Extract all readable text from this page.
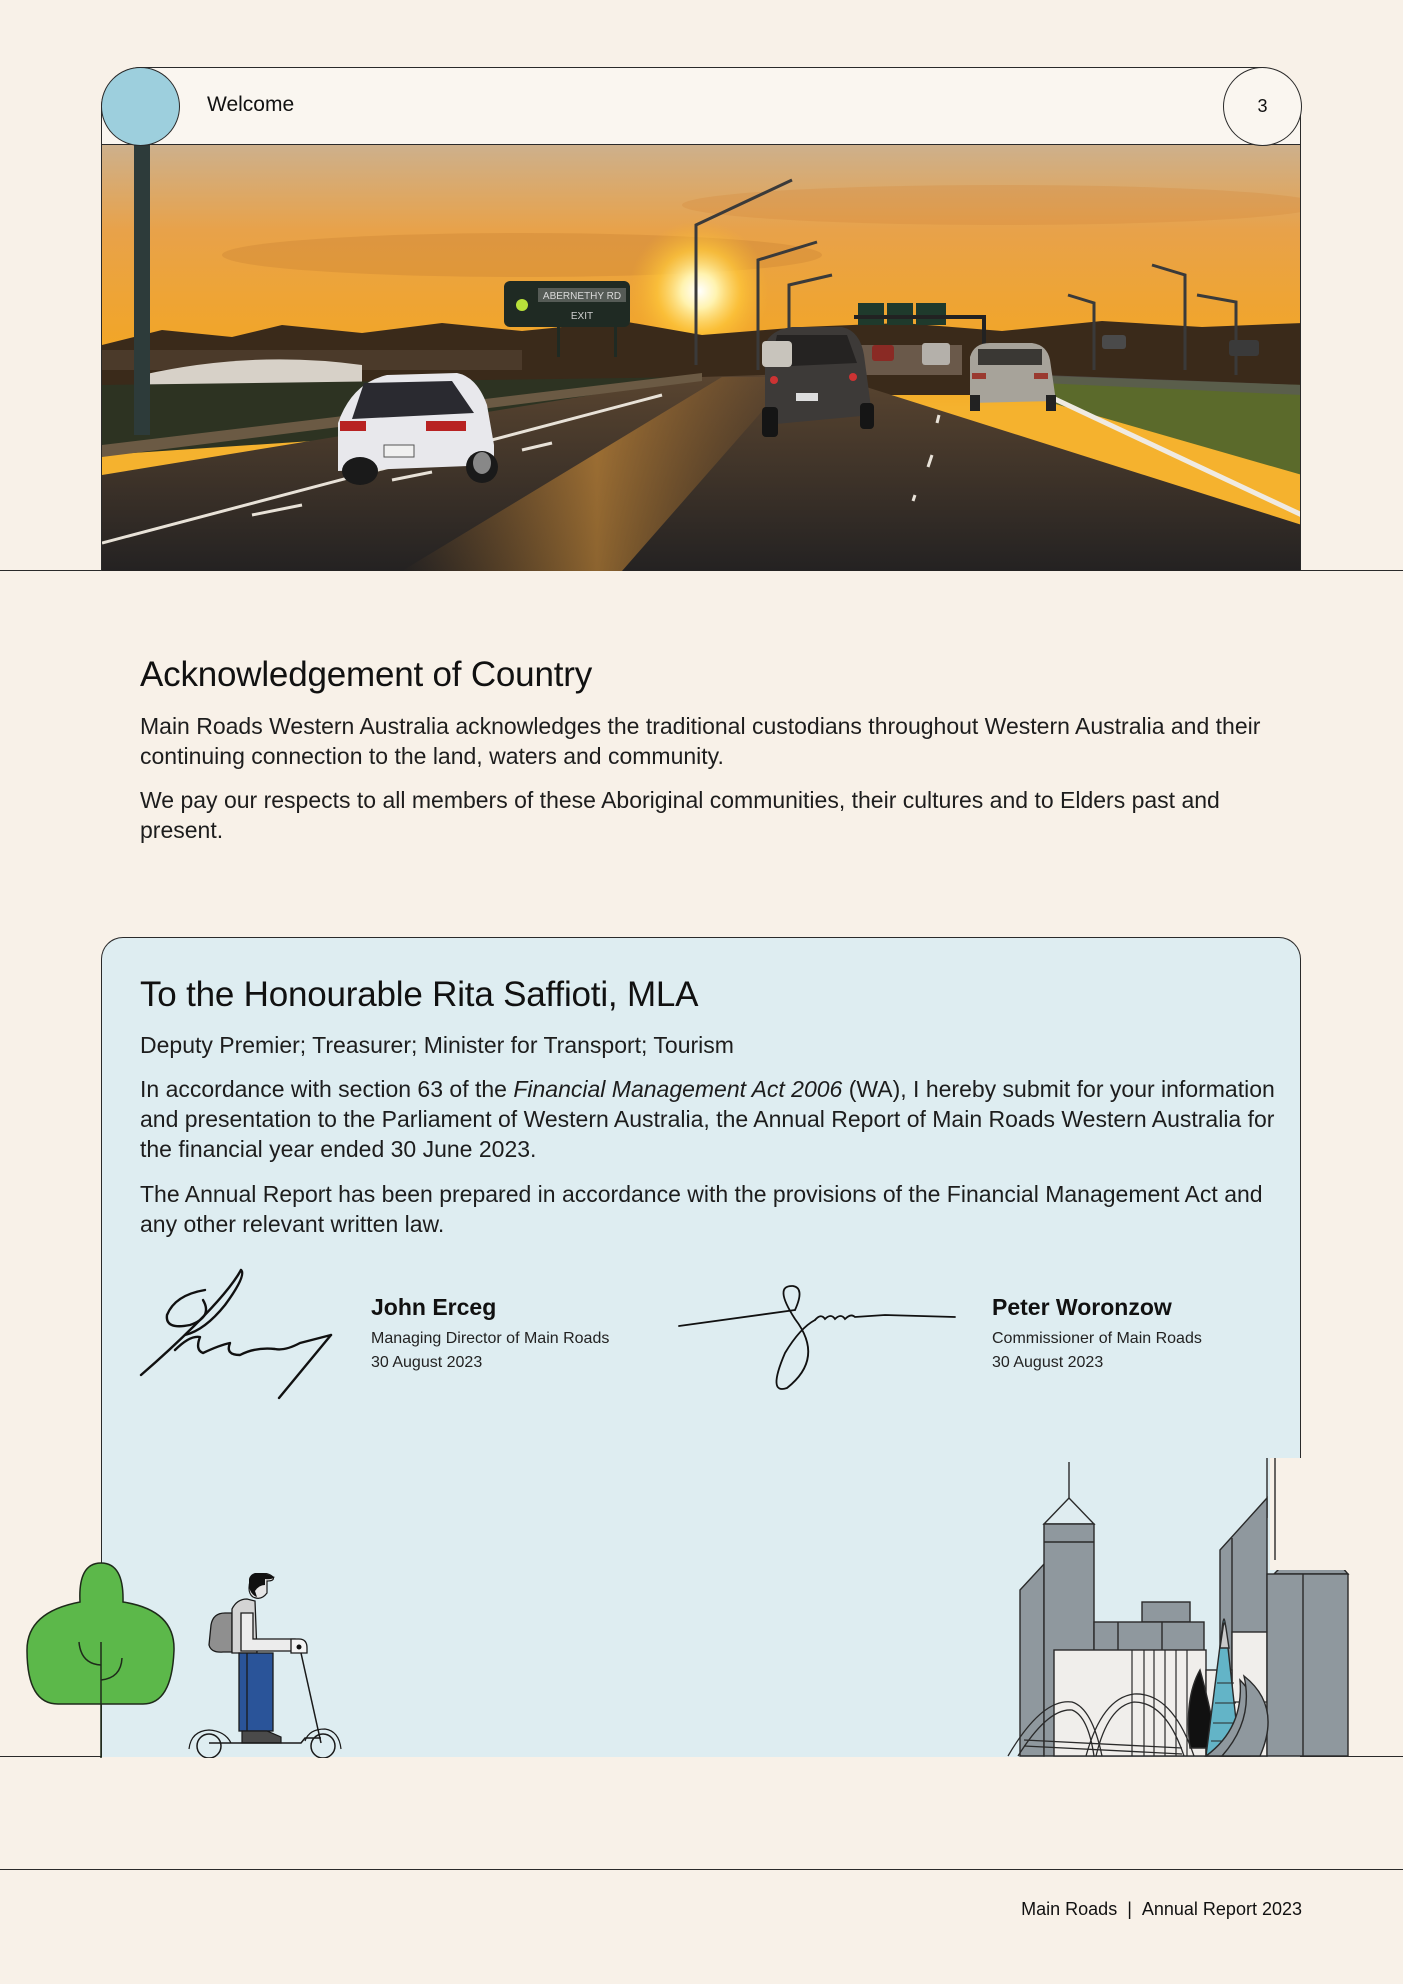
Welcome	3
ABERNETHY RD
EXIT
Acknowledgement of Country

Main Roads Western Australia acknowledges the traditional custodians throughout Western Australia and their continuing connection to the land, waters and community.

We pay our respects to all members of these Aboriginal communities, their cultures and to Elders past and present.

To the Honourable Rita Saffioti, MLA

Deputy Premier; Treasurer; Minister for Transport; Tourism

In accordance with section 63 of the Financial Management Act 2006 (WA), I hereby submit for your information and presentation to the Parliament of Western Australia, the Annual Report of Main Roads Western Australia for the financial year ended 30 June 2023.

The Annual Report has been prepared in accordance with the provisions of the Financial Management Act and any other relevant written law.

John Erceg
Managing Director of Main Roads
30 August 2023
Peter Woronzow
Commissioner of Main Roads
30 August 2023
Main Roads | Annual Report 2023
